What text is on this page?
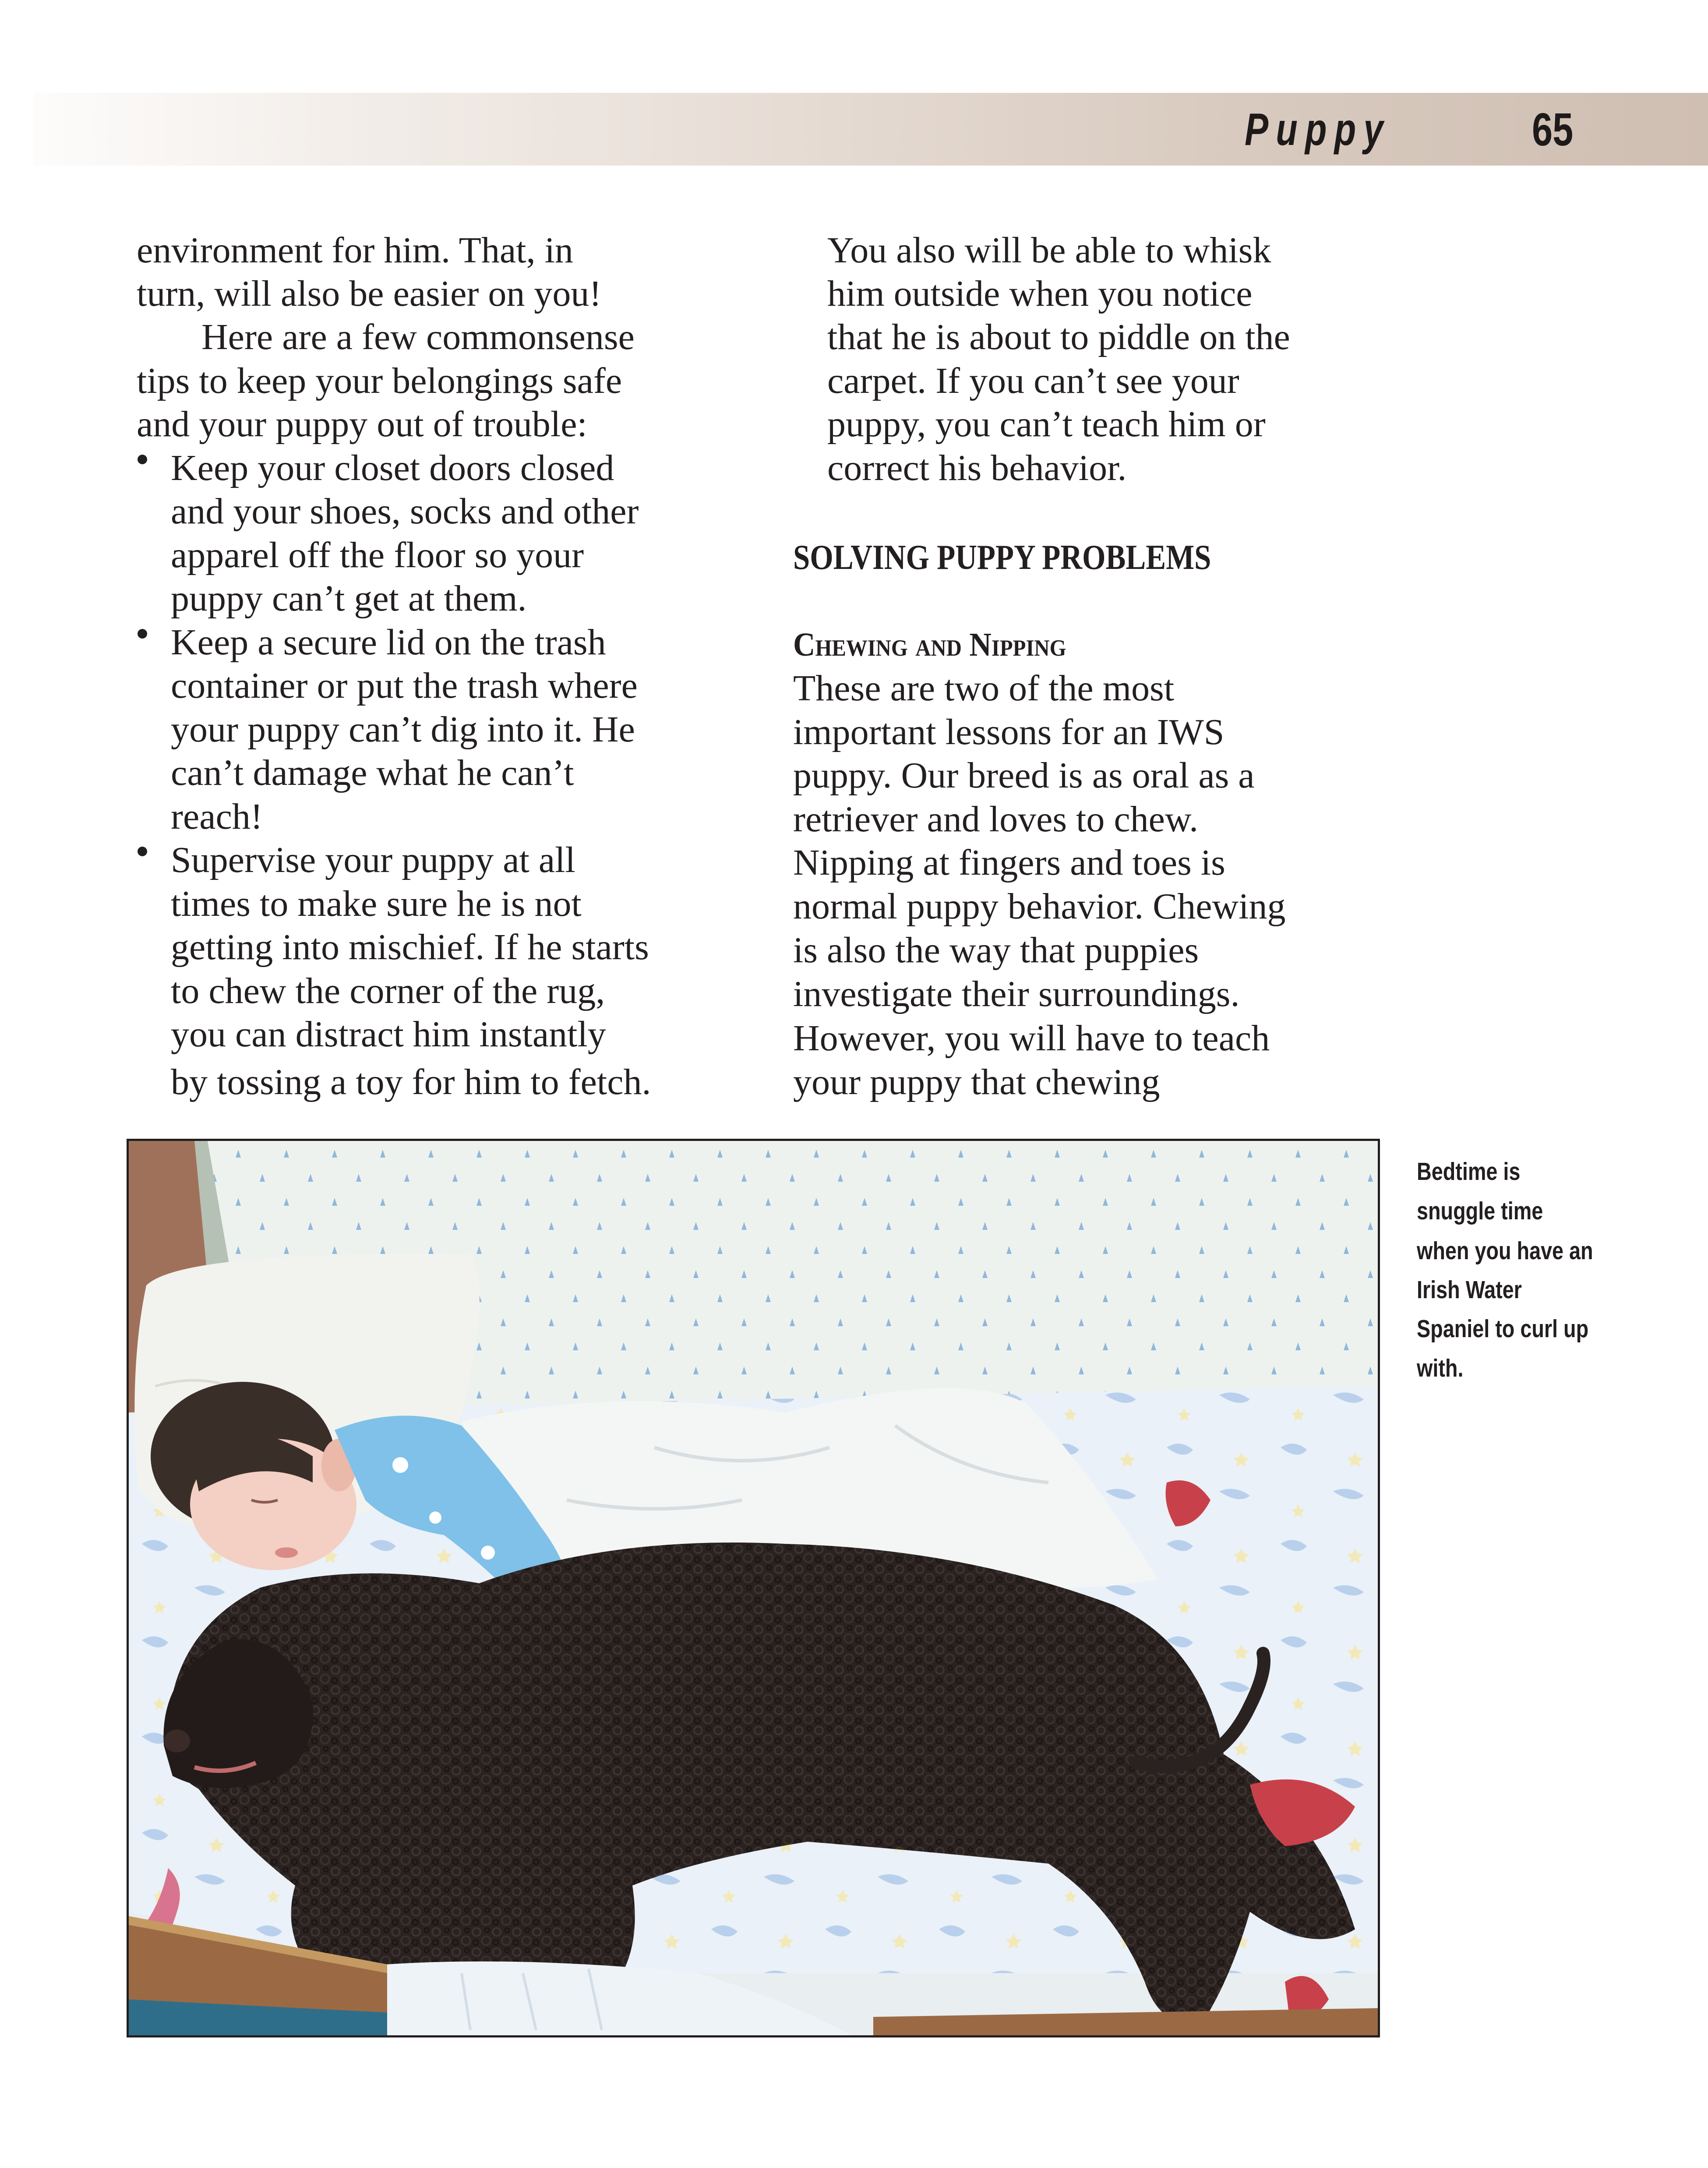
Puppy	65
environment for him. That, in
turn, will also be easier on you!
Here are a few commonsense
tips to keep your belongings safe
and your puppy out of trouble:
Keep your closet doors closed
and your shoes, socks and other
apparel off the floor so your
puppy can’t get at them.
Keep a secure lid on the trash
container or put the trash where
your puppy can’t dig into it. He
can’t damage what he can’t
reach!
Supervise your puppy at all
times to make sure he is not
getting into mischief. If he starts
to chew the corner of the rug,
you can distract him instantly
by tossing a toy for him to fetch.
You also will be able to whisk
him outside when you notice
that he is about to piddle on the
carpet. If you can’t see your
puppy, you can’t teach him or
correct his behavior.
SOLVING PUPPY PROBLEMS
Chewing and Nipping
These are two of the most
important lessons for an IWS
puppy. Our breed is as oral as a
retriever and loves to chew.
Nipping at fingers and toes is
normal puppy behavior. Chewing
is also the way that puppies
investigate their surroundings.
However, you will have to teach
your puppy that chewing
Bedtime is
snuggle time
when you have an
Irish Water
Spaniel to curl up
with.
